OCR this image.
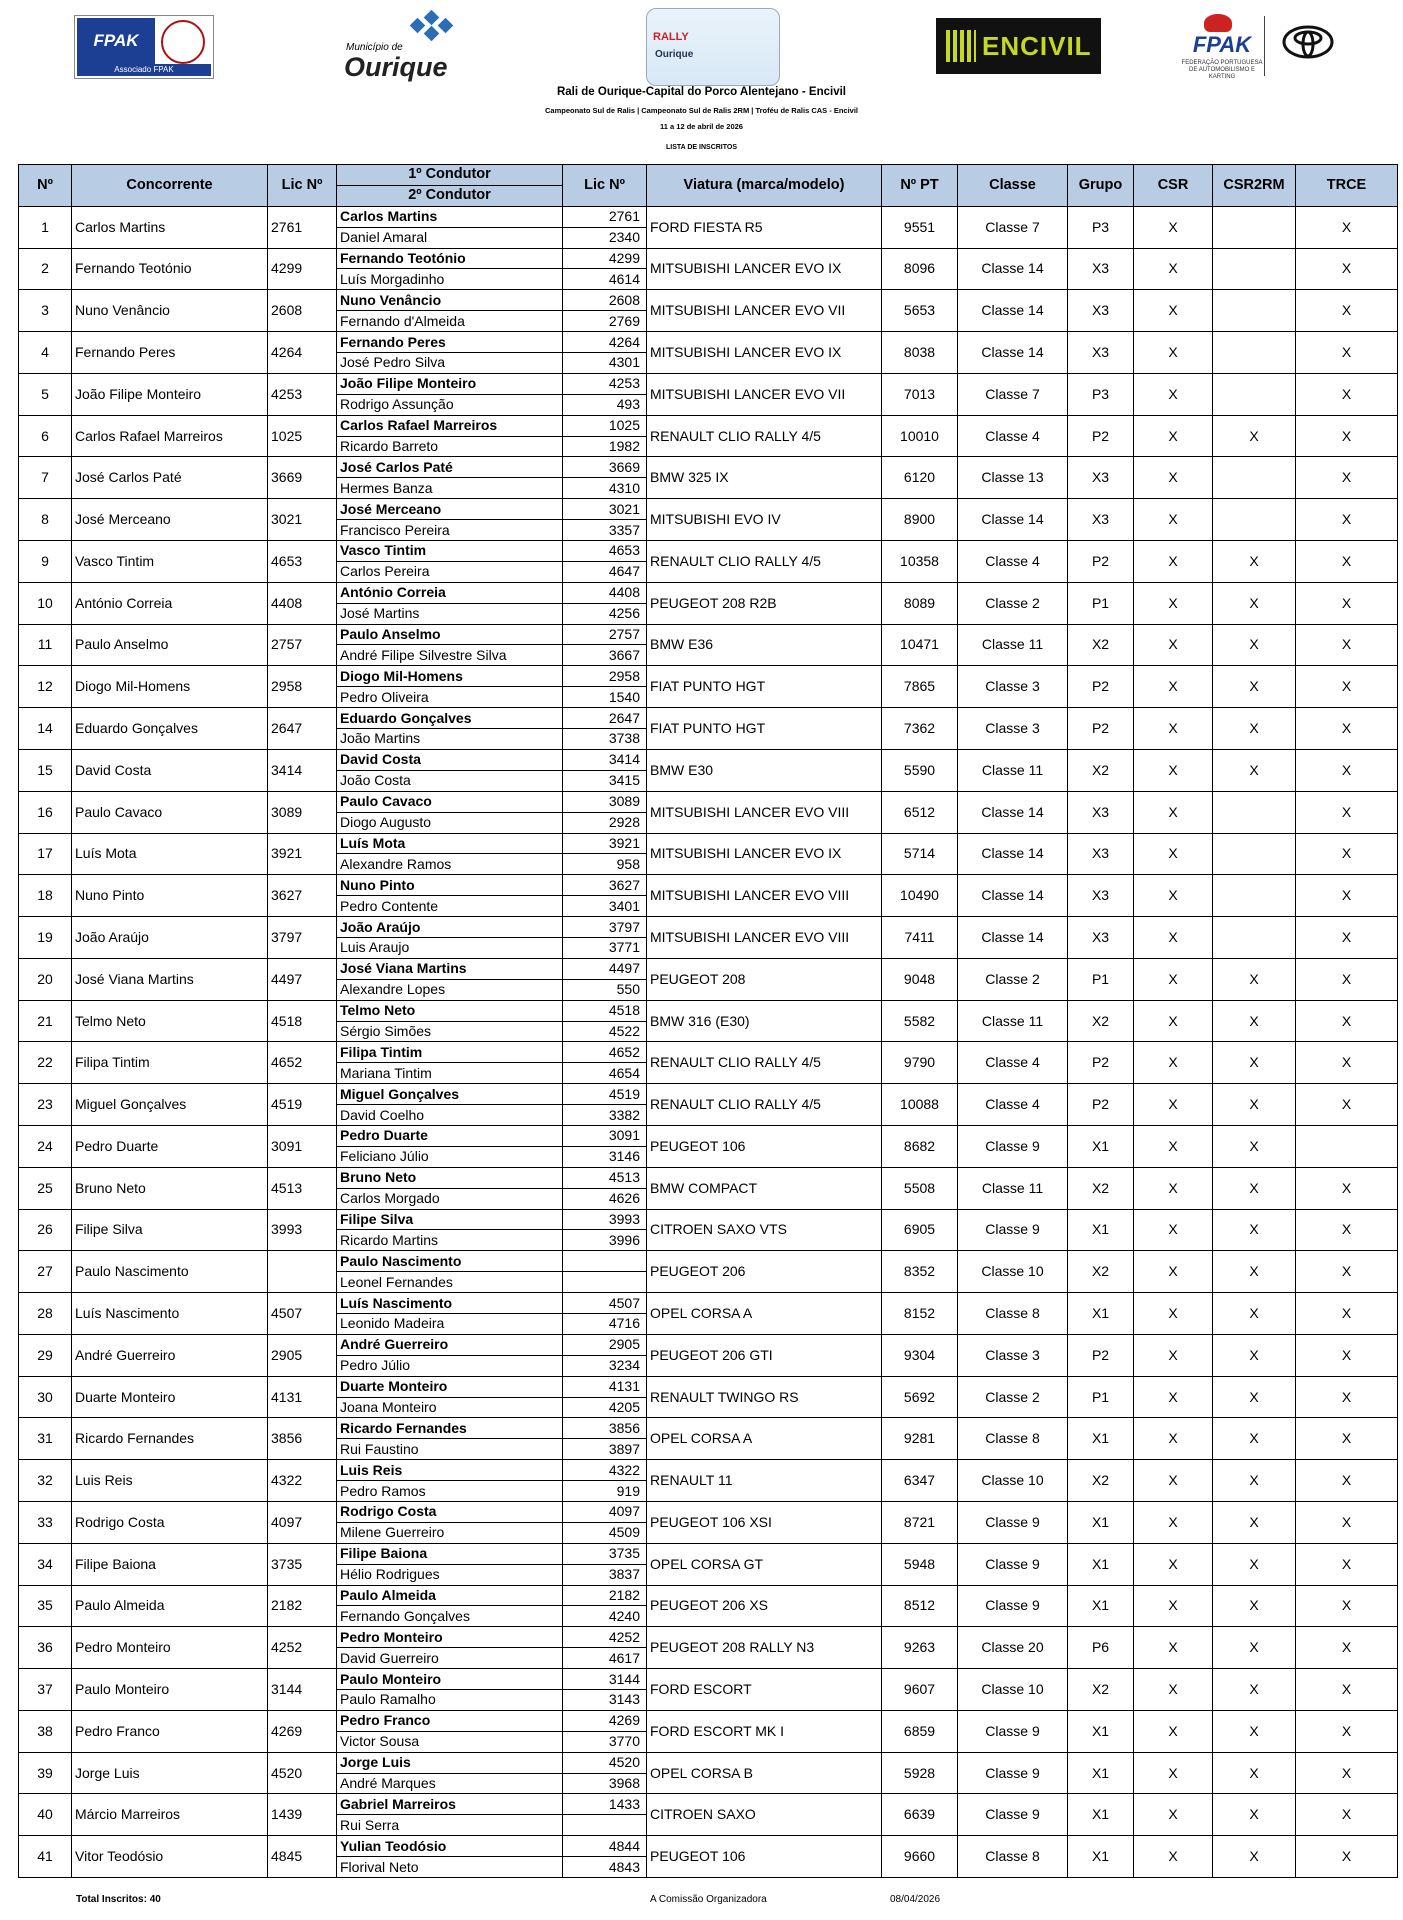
FPAK
Associado FPAK
Município de
Ourique
RALLY
Ourique	ENCIVIL	FPAK
FEDERAÇÃO PORTUGUESA DE AUTOMOBILISMO E KARTING
Rali de Ourique-Capital do Porco Alentejano - Encivil
Campeonato Sul de Ralis | Campeonato Sul de Ralis 2RM | Troféu de Ralis CAS - Encivil
11 a 12 de abril de 2026
LISTA DE INSCRITOS
Nº	Concorrente	Lic Nº	1º Condutor	Lic Nº	Viatura (marca/modelo)	Nº PT	Classe	Grupo	CSR	CSR2RM	TRCE
			2º Condutor								
1	Carlos Martins	2761	Carlos Martins	2761	FORD FIESTA R5	9551	Classe 7	P3	X		X
			Daniel Amaral	2340							
2	Fernando Teotónio	4299	Fernando Teotónio	4299	MITSUBISHI LANCER EVO IX	8096	Classe 14	X3	X		X
			Luís Morgadinho	4614							
3	Nuno Venâncio	2608	Nuno Venâncio	2608	MITSUBISHI LANCER EVO VII	5653	Classe 14	X3	X		X
			Fernando d'Almeida	2769							
4	Fernando Peres	4264	Fernando Peres	4264	MITSUBISHI LANCER EVO IX	8038	Classe 14	X3	X		X
			José Pedro Silva	4301							
5	João Filipe Monteiro	4253	João Filipe Monteiro	4253	MITSUBISHI LANCER EVO VII	7013	Classe 7	P3	X		X
			Rodrigo Assunção	493							
6	Carlos Rafael Marreiros	1025	Carlos Rafael Marreiros	1025	RENAULT CLIO RALLY 4/5	10010	Classe 4	P2	X	X	X
			Ricardo Barreto	1982							
7	José Carlos Paté	3669	José Carlos Paté	3669	BMW 325 IX	6120	Classe 13	X3	X		X
			Hermes Banza	4310							
8	José Merceano	3021	José Merceano	3021	MITSUBISHI EVO IV	8900	Classe 14	X3	X		X
			Francisco Pereira	3357							
9	Vasco Tintim	4653	Vasco Tintim	4653	RENAULT CLIO RALLY 4/5	10358	Classe 4	P2	X	X	X
			Carlos Pereira	4647							
10	António Correia	4408	António Correia	4408	PEUGEOT 208 R2B	8089	Classe 2	P1	X	X	X
			José Martins	4256							
11	Paulo Anselmo	2757	Paulo Anselmo	2757	BMW E36	10471	Classe 11	X2	X	X	X
			André Filipe Silvestre Silva	3667							
12	Diogo Mil-Homens	2958	Diogo Mil-Homens	2958	FIAT PUNTO HGT	7865	Classe 3	P2	X	X	X
			Pedro Oliveira	1540							
14	Eduardo Gonçalves	2647	Eduardo Gonçalves	2647	FIAT PUNTO HGT	7362	Classe 3	P2	X	X	X
			João Martins	3738							
15	David Costa	3414	David Costa	3414	BMW E30	5590	Classe 11	X2	X	X	X
			João Costa	3415							
16	Paulo Cavaco	3089	Paulo Cavaco	3089	MITSUBISHI LANCER EVO VIII	6512	Classe 14	X3	X		X
			Diogo Augusto	2928							
17	Luís Mota	3921	Luís Mota	3921	MITSUBISHI LANCER EVO IX	5714	Classe 14	X3	X		X
			Alexandre Ramos	958							
18	Nuno Pinto	3627	Nuno Pinto	3627	MITSUBISHI LANCER EVO VIII	10490	Classe 14	X3	X		X
			Pedro Contente	3401							
19	João Araújo	3797	João Araújo	3797	MITSUBISHI LANCER EVO VIII	7411	Classe 14	X3	X		X
			Luis Araujo	3771							
20	José Viana Martins	4497	José Viana Martins	4497	PEUGEOT 208	9048	Classe 2	P1	X	X	X
			Alexandre Lopes	550							
21	Telmo Neto	4518	Telmo Neto	4518	BMW 316 (E30)	5582	Classe 11	X2	X	X	X
			Sérgio Simões	4522							
22	Filipa Tintim	4652	Filipa Tintim	4652	RENAULT CLIO RALLY 4/5	9790	Classe 4	P2	X	X	X
			Mariana Tintim	4654							
23	Miguel Gonçalves	4519	Miguel Gonçalves	4519	RENAULT CLIO RALLY 4/5	10088	Classe 4	P2	X	X	X
			David Coelho	3382							
24	Pedro Duarte	3091	Pedro Duarte	3091	PEUGEOT 106	8682	Classe 9	X1	X	X	
			Feliciano Júlio	3146							
25	Bruno Neto	4513	Bruno Neto	4513	BMW COMPACT	5508	Classe 11	X2	X	X	X
			Carlos Morgado	4626							
26	Filipe Silva	3993	Filipe Silva	3993	CITROEN SAXO VTS	6905	Classe 9	X1	X	X	X
			Ricardo Martins	3996							
27	Paulo Nascimento		Paulo Nascimento		PEUGEOT 206	8352	Classe 10	X2	X	X	X
			Leonel Fernandes								
28	Luís Nascimento	4507	Luís Nascimento	4507	OPEL CORSA A	8152	Classe 8	X1	X	X	X
			Leonido Madeira	4716							
29	André Guerreiro	2905	André Guerreiro	2905	PEUGEOT 206 GTI	9304	Classe 3	P2	X	X	X
			Pedro Júlio	3234							
30	Duarte Monteiro	4131	Duarte Monteiro	4131	RENAULT TWINGO RS	5692	Classe 2	P1	X	X	X
			Joana Monteiro	4205							
31	Ricardo Fernandes	3856	Ricardo Fernandes	3856	OPEL CORSA A	9281	Classe 8	X1	X	X	X
			Rui Faustino	3897							
32	Luis Reis	4322	Luis Reis	4322	RENAULT 11	6347	Classe 10	X2	X	X	X
			Pedro Ramos	919							
33	Rodrigo Costa	4097	Rodrigo Costa	4097	PEUGEOT 106 XSI	8721	Classe 9	X1	X	X	X
			Milene Guerreiro	4509							
34	Filipe Baiona	3735	Filipe Baiona	3735	OPEL CORSA GT	5948	Classe 9	X1	X	X	X
			Hélio Rodrigues	3837							
35	Paulo Almeida	2182	Paulo Almeida	2182	PEUGEOT 206 XS	8512	Classe 9	X1	X	X	X
			Fernando Gonçalves	4240							
36	Pedro Monteiro	4252	Pedro Monteiro	4252	PEUGEOT 208 RALLY N3	9263	Classe 20	P6	X	X	X
			David Guerreiro	4617							
37	Paulo Monteiro	3144	Paulo Monteiro	3144	FORD ESCORT	9607	Classe 10	X2	X	X	X
			Paulo Ramalho	3143							
38	Pedro Franco	4269	Pedro Franco	4269	FORD ESCORT MK I	6859	Classe 9	X1	X	X	X
			Victor Sousa	3770							
39	Jorge Luis	4520	Jorge Luis	4520	OPEL CORSA B	5928	Classe 9	X1	X	X	X
			André Marques	3968							
40	Márcio Marreiros	1439	Gabriel Marreiros	1433	CITROEN SAXO	6639	Classe 9	X1	X	X	X
			Rui Serra								
41	Vitor Teodósio	4845	Yulian Teodósio	4844	PEUGEOT 106	9660	Classe 8	X1	X	X	X
			Florival Neto	4843							
Total Inscritos: 40	A Comissão Organizadora	08/04/2026
